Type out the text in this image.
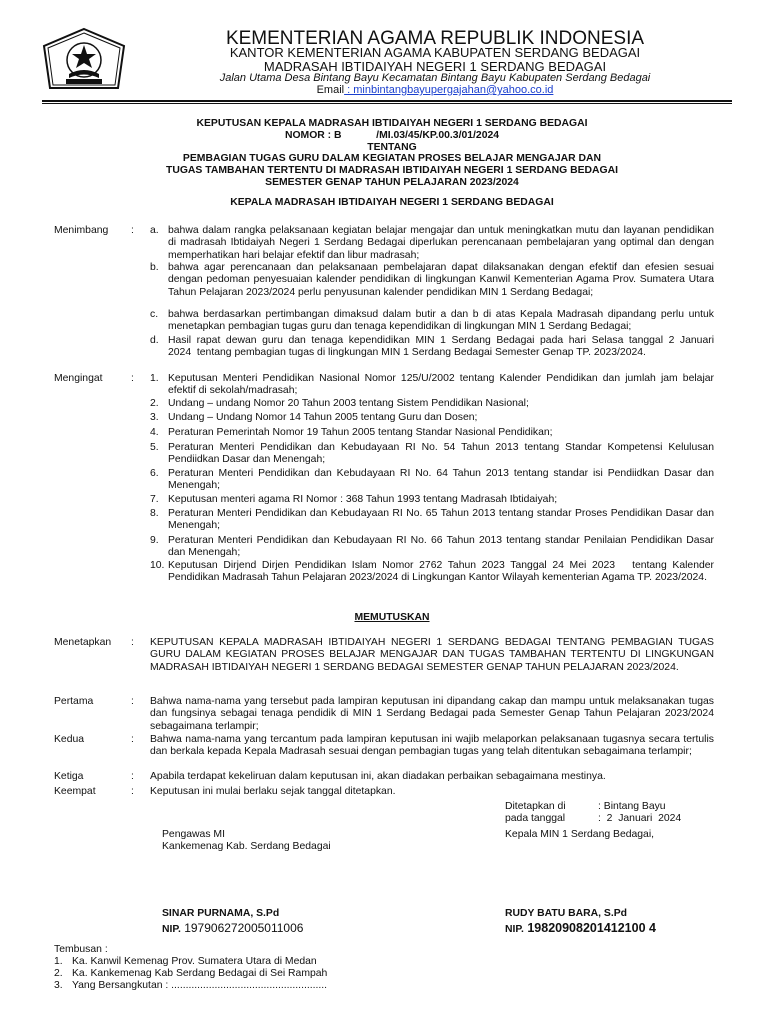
KEMENTERIAN AGAMA REPUBLIK INDONESIA
KANTOR KEMENTERIAN AGAMA KABUPATEN SERDANG BEDAGAI
MADRASAH IBTIDAIYAH NEGERI 1 SERDANG BEDAGAI
Jalan Utama Desa Bintang Bayu Kecamatan Bintang Bayu Kabupaten Serdang Bedagai
Email : minbintangbayupergajahan@yahoo.co.id
KEPUTUSAN KEPALA MADRASAH IBTIDAIYAH NEGERI 1 SERDANG BEDAGAI
NOMOR : B            /MI.03/45/KP.00.3/01/2024
TENTANG
PEMBAGIAN TUGAS GURU DALAM KEGIATAN PROSES BELAJAR MENGAJAR DAN
TUGAS TAMBAHAN TERTENTU DI MADRASAH IBTIDAIYAH NEGERI 1 SERDANG BEDAGAI
SEMESTER GENAP TAHUN PELAJARAN 2023/2024
KEPALA MADRASAH IBTIDAIYAH NEGERI 1 SERDANG BEDAGAI
Menimbang : a. bahwa dalam rangka pelaksanaan kegiatan belajar mengajar dan untuk meningkatkan mutu dan layanan pendidikan di madrasah Ibtidaiyah Negeri 1 Serdang Bedagai diperlukan perencanaan pembelajaran yang optimal dan dengan memperhatikan hari belajar efektif dan libur madrasah;
b. bahwa agar perencanaan dan pelaksanaan pembelajaran dapat dilaksanakan dengan efektif dan efesien sesuai dengan pedoman penyesuaian kalender pendidikan di lingkungan Kanwil Kementerian Agama Prov. Sumatera Utara Tahun Pelajaran 2023/2024 perlu penyusunan kalender pendidikan MIN 1 Serdang Bedagai;
c. bahwa berdasarkan pertimbangan dimaksud dalam butir a dan b di atas Kepala Madrasah dipandang perlu untuk menetapkan pembagian tugas guru dan tenaga kependidikan di lingkungan MIN 1 Serdang Bedagai;
d. Hasil rapat dewan guru dan tenaga kependidikan MIN 1 Serdang Bedagai pada hari Selasa tanggal 2 Januari        2024  tentang pembagian tugas di lingkungan MIN 1 Serdang Bedagai Semester Genap TP. 2023/2024.
Mengingat	: 1. Keputusan Menteri Pendidikan Nasional Nomor 125/U/2002 tentang Kalender Pendidikan dan jumlah jam belajar efektif di sekolah/madrasah;
2. Undang – undang Nomor 20 Tahun 2003 tentang Sistem Pendidikan Nasional;
3. Undang – Undang Nomor 14 Tahun 2005 tentang Guru dan Dosen;
4. Peraturan Pemerintah Nomor 19 Tahun 2005 tentang Standar Nasional Pendidikan;
5. Peraturan Menteri Pendidikan dan Kebudayaan RI No. 54 Tahun 2013 tentang Standar Kompetensi Kelulusan Pendiidkan Dasar dan Menengah;
6. Peraturan Menteri Pendidikan dan Kebudayaan RI No. 64 Tahun 2013 tentang standar isi Pendiidkan Dasar dan Menengah;
7. Keputusan menteri agama RI Nomor : 368 Tahun 1993 tentang Madrasah Ibtidaiyah;
8. Peraturan Menteri Pendidikan dan Kebudayaan RI No. 65 Tahun 2013 tentang standar Proses Pendidikan Dasar dan Menengah;
9. Peraturan Menteri Pendidikan dan Kebudayaan RI No. 66 Tahun 2013 tentang standar Penilaian Pendidikan Dasar dan Menengah;
10. Keputusan Dirjend Dirjen Pendidikan Islam Nomor 2762 Tahun 2023 Tanggal 24 Mei 2023   tentang Kalender Pendidikan Madrasah Tahun Pelajaran 2023/2024 di Lingkungan Kantor Wilayah kementerian Agama TP. 2023/2024.
MEMUTUSKAN
Menetapkan : KEPUTUSAN KEPALA MADRASAH IBTIDAIYAH NEGERI 1 SERDANG BEDAGAI TENTANG PEMBAGIAN TUGAS GURU DALAM KEGIATAN PROSES BELAJAR MENGAJAR DAN TUGAS TAMBAHAN TERTENTU DI LINGKUNGAN MADRASAH IBTIDAIYAH NEGERI 1 SERDANG BEDAGAI SEMESTER GENAP TAHUN PELAJARAN 2023/2024.
Pertama	: Bahwa nama-nama yang tersebut pada lampiran keputusan ini dipandang cakap dan mampu untuk melaksanakan tugas dan fungsinya sebagai tenaga pendidik di MIN 1 Serdang Bedagai pada Semester Genap Tahun Pelajaran 2023/2024 sebagaimana terlampir;
Kedua	: Bahwa nama-nama yang tercantum pada lampiran keputusan ini wajib melaporkan pelaksanaan tugasnya secara tertulis dan berkala kepada Kepala Madrasah sesuai dengan pembagian tugas yang telah ditentukan sebagaimana terlampir;
Ketiga	: Apabila terdapat kekeliruan dalam keputusan ini, akan diadakan perbaikan sebagaimana mestinya.
Keempat	: Keputusan ini mulai berlaku sejak tanggal ditetapkan.
Ditetapkan di	: Bintang Bayu
pada tanggal	:  2  Januari  2024
Pengawas MI
Kankemenag Kab. Serdang Bedagai
Kepala MIN 1 Serdang Bedagai,
SINAR PURNAMA, S.Pd
NIP. 197906272005011006
RUDY BATU BARA, S.Pd
NIP. 19820908201412100 4
Tembusan :
1. Ka. Kanwil Kemenag Prov. Sumatera Utara di Medan
2. Ka. Kankemenag Kab Serdang Bedagai di Sei Rampah
3. Yang Bersangkutan : ......................................................
